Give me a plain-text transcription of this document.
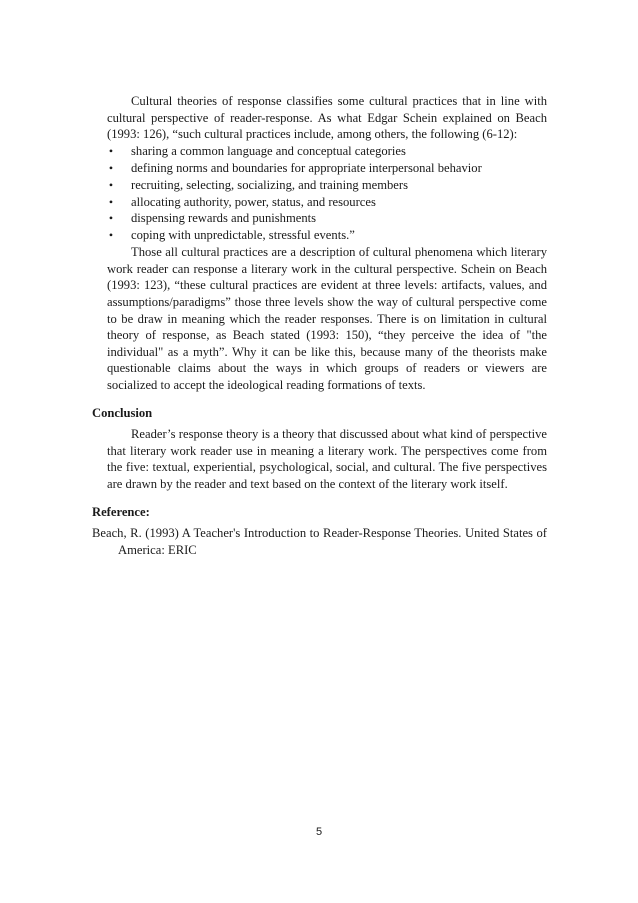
Cultural theories of response classifies some cultural practices that in line with cultural perspective of reader-response. As what Edgar Schein explained on Beach (1993: 126), “such cultural practices include, among others, the following (6-12):

• sharing a common language and conceptual categories
• defining norms and boundaries for appropriate interpersonal behavior
• recruiting, selecting, socializing, and training members
• allocating authority, power, status, and resources
• dispensing rewards and punishments
• coping with unpredictable, stressful events.”

Those all cultural practices are a description of cultural phenomena which literary work reader can response a literary work in the cultural perspective. Schein on Beach (1993: 123), “these cultural practices are evident at three levels: artifacts, values, and assumptions/paradigms” those three levels show the way of cultural perspective come to be draw in meaning which the reader responses. There is on limitation in cultural theory of response, as Beach stated (1993: 150), “they perceive the idea of "the individual" as a myth”. Why it can be like this, because many of the theorists make questionable claims about the ways in which groups of readers or viewers are socialized to accept the ideological reading formations of texts.

Conclusion

Reader’s response theory is a theory that discussed about what kind of perspective that literary work reader use in meaning a literary work. The perspectives come from the five: textual, experiential, psychological, social, and cultural. The five perspectives are drawn by the reader and text based on the context of the literary work itself.

Reference:

Beach, R. (1993) A Teacher's Introduction to Reader-Response Theories. United States of America: ERIC

5
